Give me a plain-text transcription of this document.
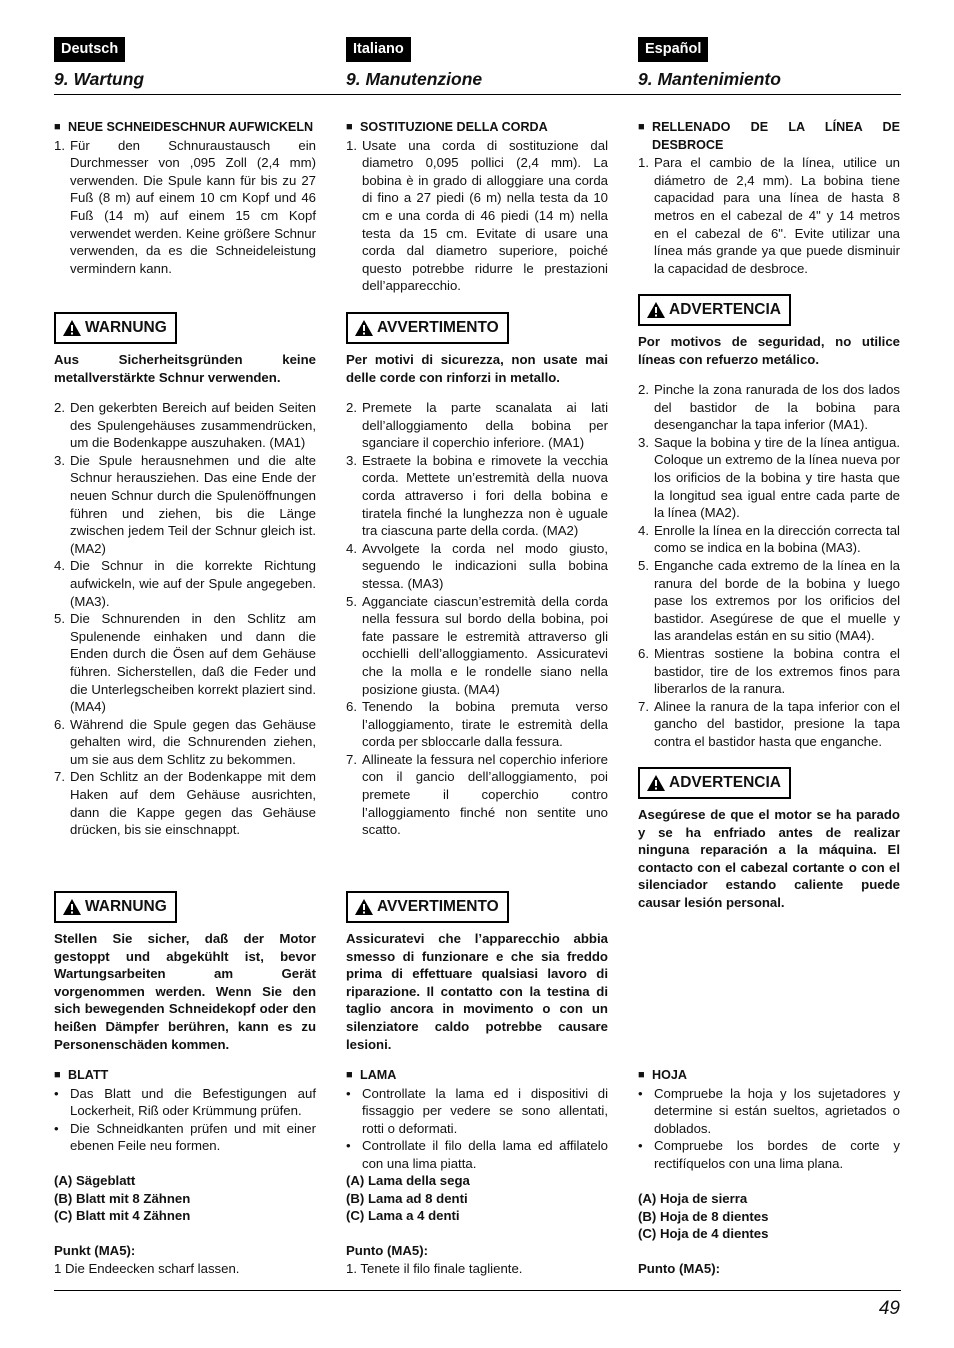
Deutsch
9. Wartung
■ NEUE SCHNEIDESCHNUR AUFWICKELN
1. Für den Schnuraustausch ein Durchmesser von ,095 Zoll (2,4 mm) verwenden. Die Spule kann für bis zu 27 Fuß (8 m) auf einem 10 cm Kopf und 46 Fuß (14 m) auf einem 15 cm Kopf verwendet werden. Keine größere Schnur verwenden, da es die Schneideleistung vermindern kann.
WARNUNG
Aus Sicherheitsgründen keine metallverstärkte Schnur verwenden.
2. Den gekerbten Bereich auf beiden Seiten des Spulengehäuses zusammendrücken, um die Bodenkappe auszuhaken. (MA1)
3. Die Spule herausnehmen und die alte Schnur herausziehen. Das eine Ende der neuen Schnur durch die Spulenöffnungen führen und ziehen, bis die Länge zwischen jedem Teil der Schnur gleich ist. (MA2)
4. Die Schnur in die korrekte Richtung aufwickeln, wie auf der Spule angegeben. (MA3).
5. Die Schnurenden in den Schlitz am Spulenende einhaken und dann die Enden durch die Ösen auf dem Gehäuse führen. Sicherstellen, daß die Feder und die Unterlegscheiben korrekt plaziert sind. (MA4)
6. Während die Spule gegen das Gehäuse gehalten wird, die Schnurenden ziehen, um sie aus dem Schlitz zu bekommen.
7. Den Schlitz an der Bodenkappe mit dem Haken auf dem Gehäuse ausrichten, dann die Kappe gegen das Gehäuse drücken, bis sie einschnappt.
WARNUNG
Stellen Sie sicher, daß der Motor gestoppt und abgekühlt ist, bevor Wartungsarbeiten am Gerät vorgenommen werden. Wenn Sie den sich bewegenden Schneidekopf oder den heißen Dämpfer berühren, kann es zu Personenschäden kommen.
■ BLATT
• Das Blatt und die Befestigungen auf Lockerheit, Riß oder Krümmung prüfen.
• Die Schneidkanten prüfen und mit einer ebenen Feile neu formen.
(A) Sägeblatt
(B) Blatt mit 8 Zähnen
(C) Blatt mit 4 Zähnen
Punkt (MA5):
1 Die Endeecken scharf lassen.
Italiano
9. Manutenzione
■ SOSTITUZIONE DELLA CORDA
1. Usate una corda di sostituzione dal diametro 0,095 pollici (2,4 mm). La bobina è in grado di alloggiare una corda di fino a 27 piedi (6 m) nella testa da 10 cm e una corda di 46 piedi (14 m) nella testa da 15 cm. Evitate di usare una corda dal diametro superiore, poiché questo potrebbe ridurre le prestazioni dell’apparecchio.
AVVERTIMENTO
Per motivi di sicurezza, non usate mai delle corde con rinforzi in metallo.
2. Premete la parte scanalata ai lati dell’alloggiamento della bobina per sganciare il coperchio inferiore. (MA1)
3. Estraete la bobina e rimovete la vecchia corda. Mettete un’estremità della nuova corda attraverso i fori della bobina e tiratela finché la lunghezza non è uguale tra ciascuna parte della corda. (MA2)
4. Avvolgete la corda nel modo giusto, seguendo le indicazioni sulla bobina stessa. (MA3)
5. Agganciate ciascun’estremità della corda nella fessura sul bordo della bobina, poi fate passare le estremità attraverso gli occhielli dell’alloggiamento. Assicuratevi che la molla e le rondelle siano nella posizione giusta. (MA4)
6. Tenendo la bobina premuta verso l’alloggiamento, tirate le estremità della corda per sbloccarle dalla fessura.
7. Allineate la fessura nel coperchio inferiore con il gancio dell’alloggiamento, poi premete il coperchio contro l’alloggiamento finché non sentite uno scatto.
AVVERTIMENTO
Assicuratevi che l’apparecchio abbia smesso di funzionare e che sia freddo prima di effettuare qualsiasi lavoro di riparazione. Il contatto con la testina di taglio ancora in movimento o con un silenziatore caldo potrebbe causare lesioni.
■ LAMA
• Controllate la lama ed i dispositivi di fissaggio per vedere se sono allentati, rotti o deformati.
• Controllate il filo della lama ed affilatelo con una lima piatta.
(A) Lama della sega
(B) Lama ad 8 denti
(C) Lama a 4 denti
Punto (MA5):
1. Tenete il filo finale tagliente.
Español
9. Mantenimiento
■ RELLENADO DE LA LÍNEA DE DESBROCE
1. Para el cambio de la línea, utilice un diámetro de 2,4 mm). La bobina tiene capacidad para una línea de hasta 8 metros en el cabezal de 4" y 14 metros en el cabezal de 6". Evite utilizar una línea más grande ya que puede disminuir la capacidad de desbroce.
ADVERTENCIA
Por motivos de seguridad, no utilice líneas con refuerzo metálico.
2. Pinche la zona ranurada de los dos lados del bastidor de la bobina para desenganchar la tapa inferior (MA1).
3. Saque la bobina y tire de la línea antigua. Coloque un extremo de la línea nueva por los orificios de la bobina y tire hasta que la longitud sea igual entre cada parte de la línea (MA2).
4. Enrolle la línea en la dirección correcta tal como se indica en la bobina (MA3).
5. Enganche cada extremo de la línea en la ranura del borde de la bobina y luego pase los extremos por los orificios del bastidor. Asegúrese de que el muelle y las arandelas están en su sitio (MA4).
6. Mientras sostiene la bobina contra el bastidor, tire de los extremos finos para liberarlos de la ranura.
7. Alinee la ranura de la tapa inferior con el gancho del bastidor, presione la tapa contra el bastidor hasta que enganche.
ADVERTENCIA
Asegúrese de que el motor se ha parado y se ha enfriado antes de realizar ninguna reparación a la máquina. El contacto con el cabezal cortante o con el silenciador estando caliente puede causar lesión personal.
■ HOJA
• Compruebe la hoja y los sujetadores y determine si están sueltos, agrietados o doblados.
• Compruebe los bordes de corte y rectifíquelos con una lima plana.
(A) Hoja de sierra
(B) Hoja de 8 dientes
(C) Hoja de 4 dientes
Punto (MA5):
49
